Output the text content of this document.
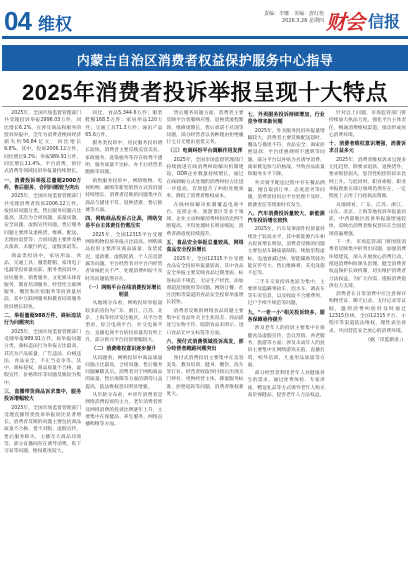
04 维权
责编：李娜　美编：唐红艳
2026.3.26 星期四 财会 信报
内蒙古自治区消费者权益保护服务中心指导
2025年消费者投诉举报呈现十大特点

2025年，全国市场监督管理部门共受理投诉举报2996.03万件，同比增长6.2%。在涉及商品和服务的投诉举报中，全年为消费者挽回经济损失约56.84亿元，同比增长9.8%。其中，投诉2006.12万件，同比增长9.3%；举报989.91万件，同比增长11.4%。平台消费、预付式消费等领域投诉举报量持续增长。

一、消费投诉举报总量超2000万件，售后服务、合同问题较为突出

2025年，全国市场监督管理部门共受理消费者投诉2006.12万件。按投诉问题分类，售后服务问题占比最高，其次为合同问题、质量问题、安全问题、虚假宣传问题。售后服务问题主要涉及退换货、维修、配送、无理由退货等；合同问题主要涉及格式条款、未履行约定、虚假承诺等。

商品类投诉中，家居用品、食品、交通工具、服装鞋帽、家用电子电器等投诉量居前。服务类投诉中，居民服务、销售服务、文化娱乐体育服务、教育培训服务、经营性互联网服务、餐饮和住宿服务等投诉量居前，其中互联网服务和教育培训服务投诉增长较快。

二、举报量超988万件，商标违法行为问题突出

2025年，全国市场监督管理部门受理举报989.91万件。按举报问题分类，商标违法行为举报占比最高，其次为产品质量、广告违法、价格违法、食品安全、不正当竞争等。其中，商标侵权、商品质量不合格、虚假宣传、价格欺诈等问题反映较为集中。

三、直播带货商品诉求集中，服务投诉增幅较大

2025年，全国市场监督管理部门受理直播带货投诉举报同比显著增长。消费者反映的问题主要包括商品质量不合格、货不对版、虚假宣传、售后服务缺失、主播夸大商品功效等，部分直播间存在诱导消费、私下交易等问题，维权难度较大。

同比，食品5,344.6万件；服装鞋帽168.5万件；家居用品120万件；交通工具71.3万件；通讯产品65.6万件。

服务类投诉中，居民服务投诉增长较快。消费者主要反映美容美发、家政服务、洗染服务等存在收费不透明、服务质量不达标、办卡后经营者跑路等问题。

销售服务投诉中，网络购物、电视购物、邮购等新型销售方式投诉量持续增长，消费者反映的问题集中在商品与描述不符、退换货难、售后推诿等方面。

四、网购商品投诉占比高，网络交易平台主体责任仍需压实

2025年，全国12315平台受理网络购物投诉举报占比较高。网购商品投诉主要涉及商品质量、发货延迟、退款难、虚假促销、个人信息泄露等问题。平台经营者对平台内经营者审核把关不严、处理消费纠纷不及时等问题依然存在。

（一）网购平台在线消费投诉增长明显

从地域分布看，网购投诉举报量较多的省份为广东、浙江、江苏、北京、上海等经济发达地区。从平台类型看，综合电商平台、社交电商平台、直播电商平台的投诉量均有所上升，部分新兴平台投诉增幅较大。

（二）消费维权意识逐步提升

从问题看，网购投诉中商品质量问题占比最高，合同问题、售后服务问题紧随其后。消费者对于网购商品的质量、售后保障等方面的期待日益提高，依法维权意识明显增强。

从年龄分布看，中青年消费者是网络消费投诉的主力，老年消费者涉及网络消费的投诉比例逐年上升，主要集中在保健品、养生服务、网络直播购物等方面。

售后服务问题方面，消费者主要反映平台客服响应慢、退换货流程繁琐、维修周期长、售后承诺不兑现等问题，部分经营者以各种理由拒绝履行七日无理由退货义务。

（三）电商纠纷平台调解作用发挥

2025年，全国市场监督管理部门持续推进在线消费纠纷解决机制建设，ODR企业数量持续增长，通过在线调解方式处理的消费纠纷占比进一步提高，有效提升了纠纷处理效率，降低了消费者维权成本。

在线纠纷解决机制覆盖电商平台、连锁企业、旅游景区等多个领域，企业主动和解消费纠纷的比例不断提高，平均处理时长明显缩短，消费者满意度持续提升。

五、食品安全举报总量较高，网络食品安全投诉增长

2025年，全国12315平台受理食品安全投诉举报量较高，其中食品安全举报主要反映食品过期变质、标签标识不规范、无证生产经营、添加剂超范围使用等问题。网络订餐、社区团购等渠道的食品安全投诉举报增长较快。

消费者反映的网络食品问题主要集中在食品外卖卫生状况差、商品描述与实物不符、临期食品未明示、进口食品无中文标签等方面。

六、预付式消费领域投诉高发，部分经营者跑路问题突出

预付式消费投诉主要集中在美容美发、教育培训、健身、餐饮、洗车等行业。经营者收取预付款后出现关门停业、更换经营主体、降低服务标准、拒绝退款等问题，消费者维权难度大。

七、外卖服务投诉持续增加，行业竞争带来新问题

2025年，外卖服务投诉举报量增幅较大，消费者主要反映配送超时、餐品与描述不符、食品安全、商家拒绝退款、平台优惠规则不透明等问题。部分平台以补贴为名诱导消费，商家被迫参与价格战，导致食品质量和服务水平下降。

外卖骑手配送过程中存在餐品洒漏、擅自取消订单、态度恶劣等问题，消费者投诉后平台处理不及时、推诿责任等现象时有发生。

八、汽车消费投诉量较大，新能源汽车投诉增长较快

2025年，汽车及零部件投诉量持续处于较高水平，其中新能源汽车相关投诉增长明显。消费者反映的问题主要包括车辆质量缺陷、续航里程虚标、电池衰减过快、智能辅助驾驶功能宣传夸大、售后维修难、充电设施不足等。

二手车交易投诉也较为集中，主要涉及隐瞒事故车、泡水车、调表车等车况信息，以及收取不合理费用、过户手续不规范等问题。

九、"一老一小"相关投诉较多，服务保障亟待提升

涉及老年人的投诉主要集中在保健食品虚假宣传、会议营销、养老服务、旅游等方面；涉及未成年人的投诉主要集中在网络游戏充值、直播打赏、校外培训、儿童用品质量等方面。

部分经营者利用老年人对健康养生的需求，通过免费体检、专家讲座、赠送礼品等方式诱导老年人购买高价保健品，侵害老年人合法权益。

针对以上问题，市场监管部门将持续加大执法力度，强化平台主体责任，畅通消费维权渠道，推动形成放心消费环境。

十、消费者维权意识增强，消费诉求日益多元

2025年，消费者维权诉求呈现多元化趋势，除要求退款、退换货外，要求赔偿损失、惩罚性赔偿的诉求比例上升。与此同时，职业索赔、职业举报现象在部分领域仍然存在，一定程度上占用了行政执法资源。

从地域看，广东、江苏、浙江、山东、北京、上海等地投诉举报量居前，中西部地区投诉举报量增速较快，反映出消费者维权意识在全国范围普遍增强。

下一步，市场监管部门将围绕消费者反映集中的突出问题，加强消费环境建设，深入开展放心消费行动，推进消费纠纷源头治理，健全消费者权益保护长效机制，切实维护消费者合法权益，为扩大内需、提振消费提供有力支撑。

消费者在日常消费中应注意保存购物凭证、聊天记录、支付记录等证据，遇到消费纠纷时及时通过12315热线、全国12315平台、小程序等渠道依法维权，理性表达诉求，共同营造安全放心的消费环境。

（据「市监新语」）
